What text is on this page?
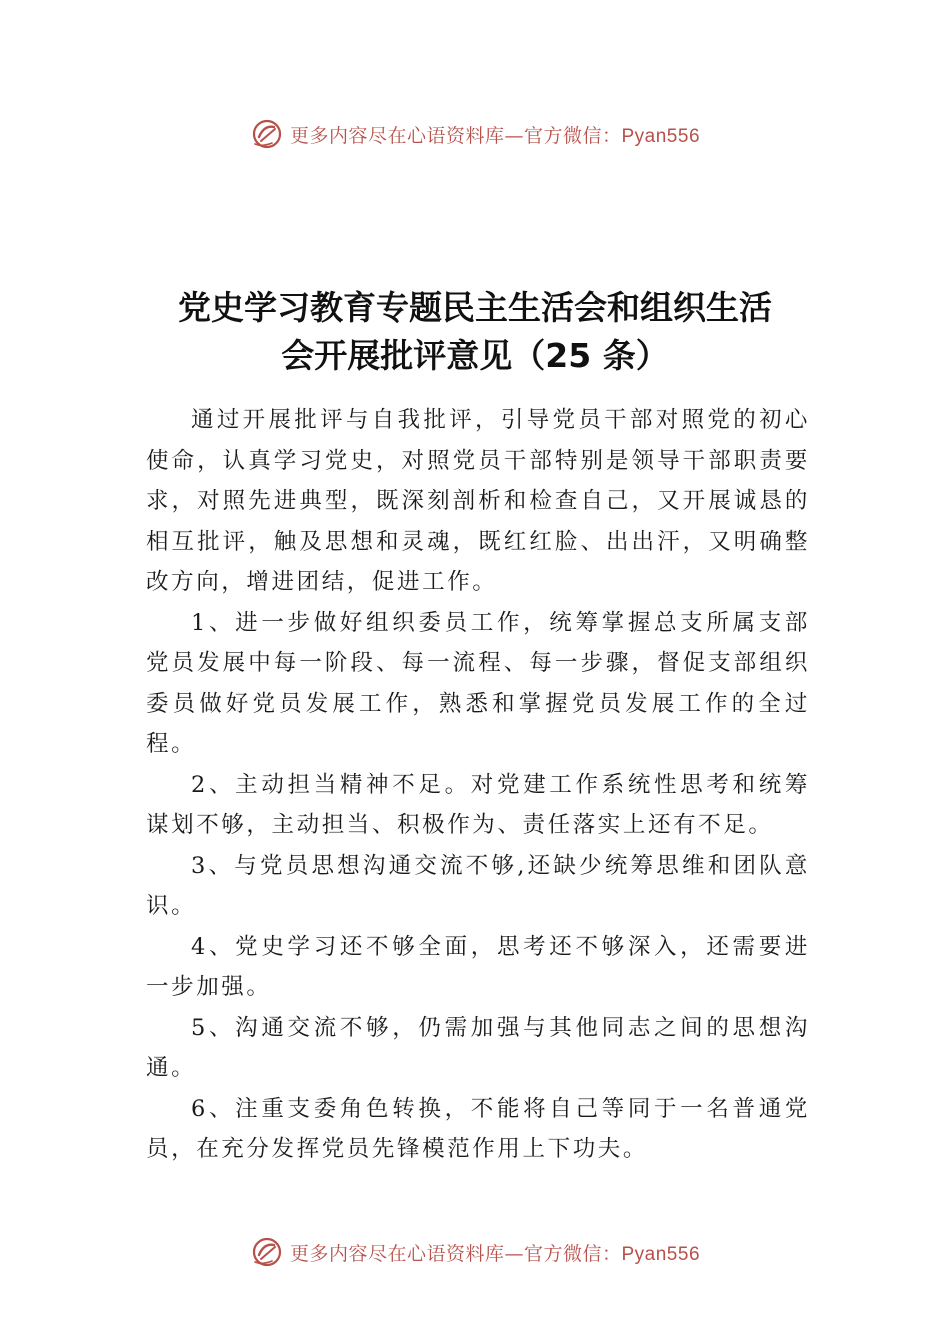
更多内容尽在心语资料库—官方微信：Pyan556
党史学习教育专题民主生活会和组织生活
会开展批评意见（25 条）

通过开展批评与自我批评，引导党员干部对照党的初心使命，认真学习党史，对照党员干部特别是领导干部职责要求，对照先进典型，既深刻剖析和检查自己，又开展诚恳的相互批评，触及思想和灵魂，既红红脸、出出汗，又明确整改方向，增进团结，促进工作。

1、进一步做好组织委员工作，统筹掌握总支所属支部党员发展中每一阶段、每一流程、每一步骤，督促支部组织委员做好党员发展工作，熟悉和掌握党员发展工作的全过程。

2、主动担当精神不足。对党建工作系统性思考和统筹谋划不够，主动担当、积极作为、责任落实上还有不足。

3、与党员思想沟通交流不够,还缺少统筹思维和团队意识。

4、党史学习还不够全面，思考还不够深入，还需要进一步加强。

5、沟通交流不够，仍需加强与其他同志之间的思想沟通。

6、注重支委角色转换，不能将自己等同于一名普通党员，在充分发挥党员先锋模范作用上下功夫。

更多内容尽在心语资料库—官方微信：Pyan556
